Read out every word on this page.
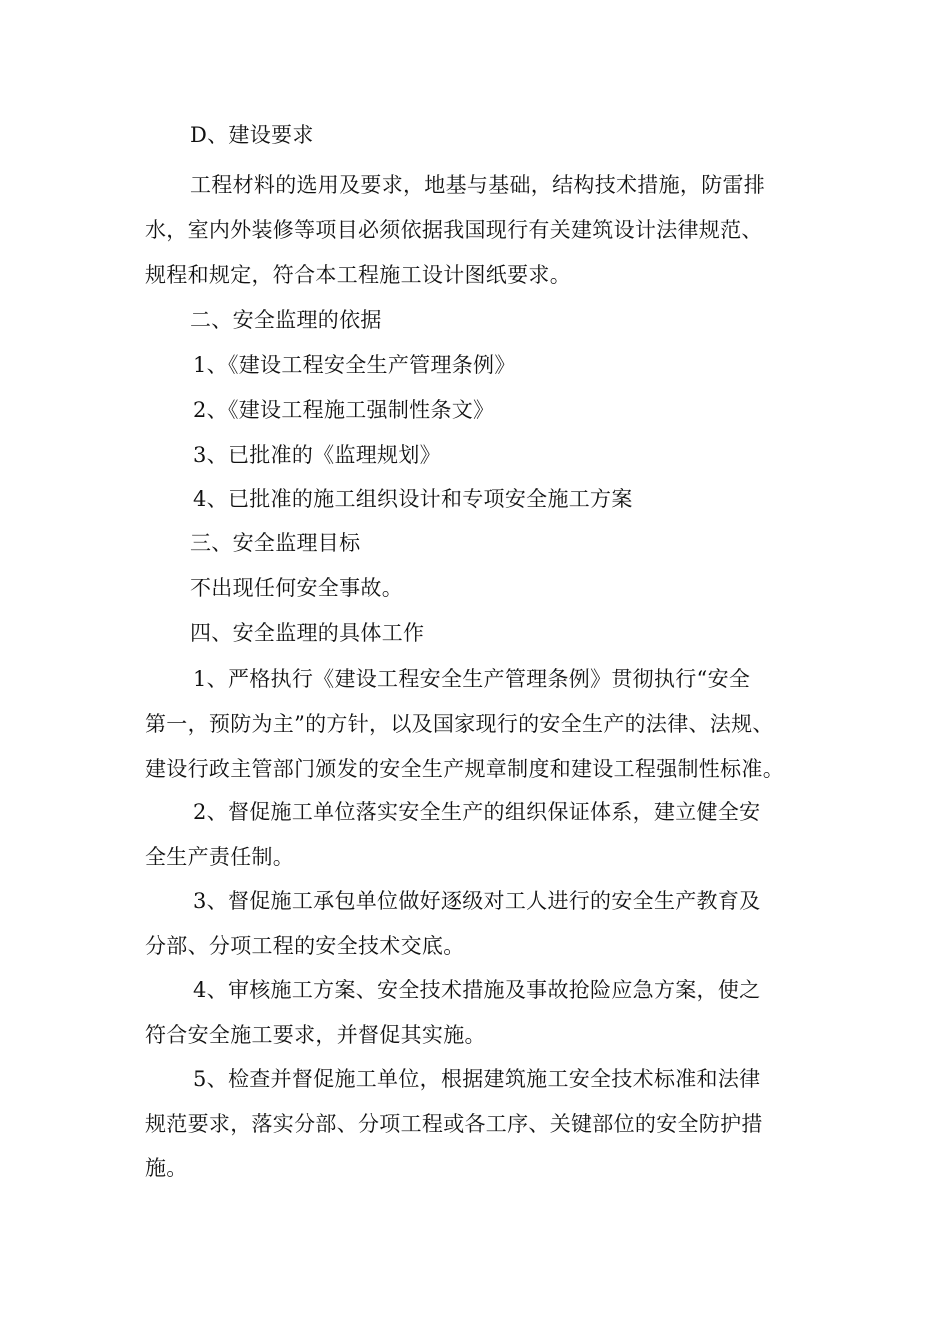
D、建设要求
工程材料的选用及要求，地基与基础，结构技术措施，防雷排
水，室内外装修等项目必须依据我国现行有关建筑设计法律规范、
规程和规定，符合本工程施工设计图纸要求。
二、安全监理的依据
1、《建设工程安全生产管理条例》
2、《建设工程施工强制性条文》
3、已批准的《监理规划》
4、已批准的施工组织设计和专项安全施工方案
三、安全监理目标
不出现任何安全事故。
四、安全监理的具体工作
1、严格执行《建设工程安全生产管理条例》贯彻执行“安全
第一，预防为主”的方针，以及国家现行的安全生产的法律、法规、
建设行政主管部门颁发的安全生产规章制度和建设工程强制性标准。
2、督促施工单位落实安全生产的组织保证体系，建立健全安
全生产责任制。
3、督促施工承包单位做好逐级对工人进行的安全生产教育及
分部、分项工程的安全技术交底。
4、审核施工方案、安全技术措施及事故抢险应急方案，使之
符合安全施工要求，并督促其实施。
5、检查并督促施工单位，根据建筑施工安全技术标准和法律
规范要求，落实分部、分项工程或各工序、关键部位的安全防护措
施。
